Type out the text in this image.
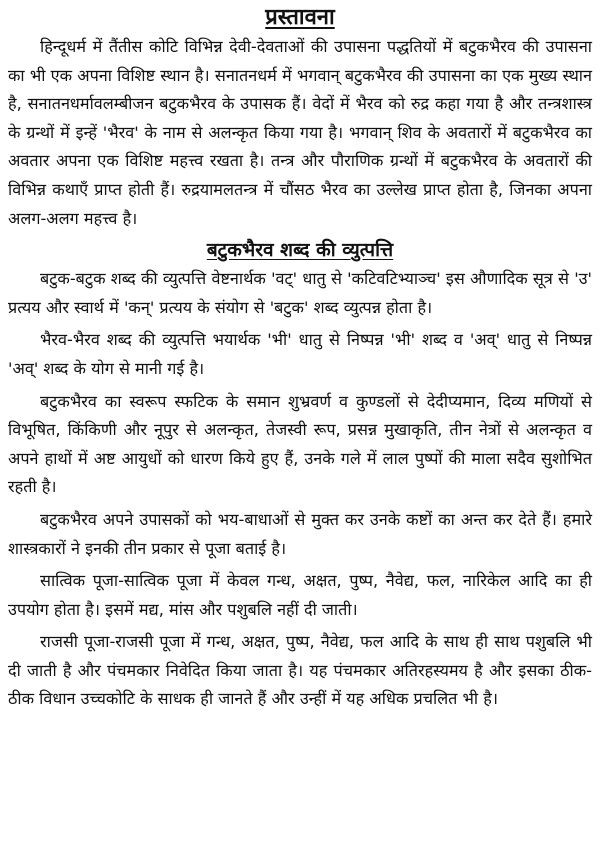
प्रस्तावना

हिन्दूधर्म में तैंतीस कोटि विभिन्न देवी-देवताओं की उपासना पद्धतियों में बटुकभैरव की उपासना का भी एक अपना विशिष्ट स्थान है। सनातनधर्म में भगवान् बटुकभैरव की उपासना का एक मुख्य स्थान है, सनातनधर्मावलम्बीजन बटुकभैरव के उपासक हैं। वेदों में भैरव को रुद्र कहा गया है और तन्त्रशास्त्र के ग्रन्थों में इन्हें 'भैरव' के नाम से अलन्कृत किया गया है। भगवान् शिव के अवतारों में बटुकभैरव का अवतार अपना एक विशिष्ट महत्त्व रखता है। तन्त्र और पौराणिक ग्रन्थों में बटुकभैरव के अवतारों की विभिन्न कथाएँ प्राप्त होती हैं। रुद्रयामलतन्त्र में चौंसठ भैरव का उल्लेख प्राप्त होता है, जिनका अपना अलग-अलग महत्त्व है।

बटुकभैरव शब्द की व्युत्पत्ति

बटुक-बटुक शब्द की व्युत्पत्ति वेष्टनार्थक 'वट्' धातु से 'कटिवटिभ्याञ्च' इस औणादिक सूत्र से 'उ' प्रत्यय और स्वार्थ में 'कन्' प्रत्यय के संयोग से 'बटुक' शब्द व्युत्पन्न होता है।

भैरव-भैरव शब्द की व्युत्पत्ति भयार्थक 'भी' धातु से निष्पन्न 'भी' शब्द व 'अव्' धातु से निष्पन्न 'अव्' शब्द के योग से मानी गई है।

बटुकभैरव का स्वरूप स्फटिक के समान शुभ्रवर्ण व कुण्डलों से देदीप्यमान, दिव्य मणियों से विभूषित, किंकिणी और नूपुर से अलन्कृत, तेजस्वी रूप, प्रसन्न मुखाकृति, तीन नेत्रों से अलन्कृत व अपने हाथों में अष्ट आयुधों को धारण किये हुए हैं, उनके गले में लाल पुष्पों की माला सदैव सुशोभित रहती है।

बटुकभैरव अपने उपासकों को भय-बाधाओं से मुक्त कर उनके कष्टों का अन्त कर देते हैं। हमारे शास्त्रकारों ने इनकी तीन प्रकार से पूजा बताई है।

सात्विक पूजा-सात्विक पूजा में केवल गन्ध, अक्षत, पुष्प, नैवेद्य, फल, नारिकेल आदि का ही उपयोग होता है। इसमें मद्य, मांस और पशुबलि नहीं दी जाती।

राजसी पूजा-राजसी पूजा में गन्ध, अक्षत, पुष्प, नैवेद्य, फल आदि के साथ ही साथ पशुबलि भी दी जाती है और पंचमकार निवेदित किया जाता है। यह पंचमकार अतिरहस्यमय है और इसका ठीक-ठीक विधान उच्चकोटि के साधक ही जानते हैं और उन्हीं में यह अधिक प्रचलित भी है।
